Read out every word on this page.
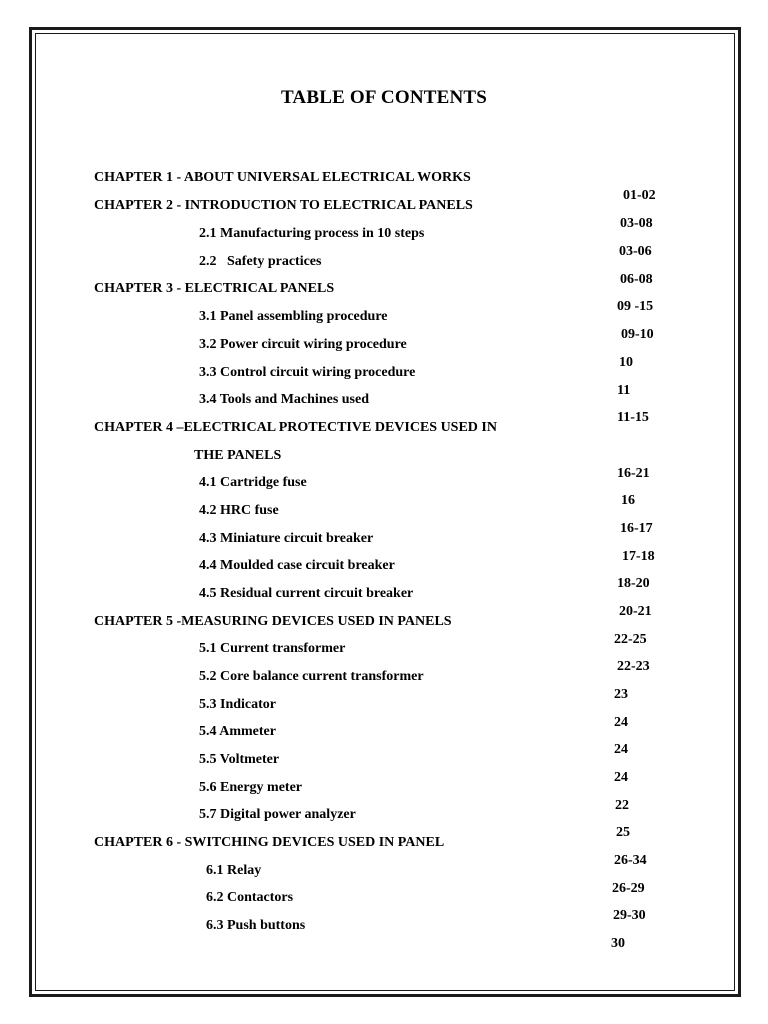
TABLE OF CONTENTS

CHAPTER 1 - ABOUT UNIVERSAL ELECTRICAL WORKS

01-02

CHAPTER 2 - INTRODUCTION TO ELECTRICAL PANELS

03-08

2.1 Manufacturing process in 10 steps

03-06

2.2   Safety practices

06-08

CHAPTER 3 - ELECTRICAL PANELS

09 -15

3.1 Panel assembling procedure

09-10

3.2 Power circuit wiring procedure

10

3.3 Control circuit wiring procedure

11

3.4 Tools and Machines used

11-15

CHAPTER 4 –ELECTRICAL PROTECTIVE DEVICES USED IN

THE PANELS

16-21

4.1 Cartridge fuse

16

4.2 HRC fuse

16-17

4.3 Miniature circuit breaker

17-18

4.4 Moulded case circuit breaker

18-20

4.5 Residual current circuit breaker

20-21

CHAPTER 5 -MEASURING DEVICES USED IN PANELS

22-25

5.1 Current transformer

22-23

5.2 Core balance current transformer

23

5.3 Indicator

24

5.4 Ammeter

24

5.5 Voltmeter

24

5.6 Energy meter

22

5.7 Digital power analyzer

25

CHAPTER 6 - SWITCHING DEVICES USED IN PANEL

26-34

6.1 Relay

26-29

6.2 Contactors

29-30

6.3 Push buttons

30
